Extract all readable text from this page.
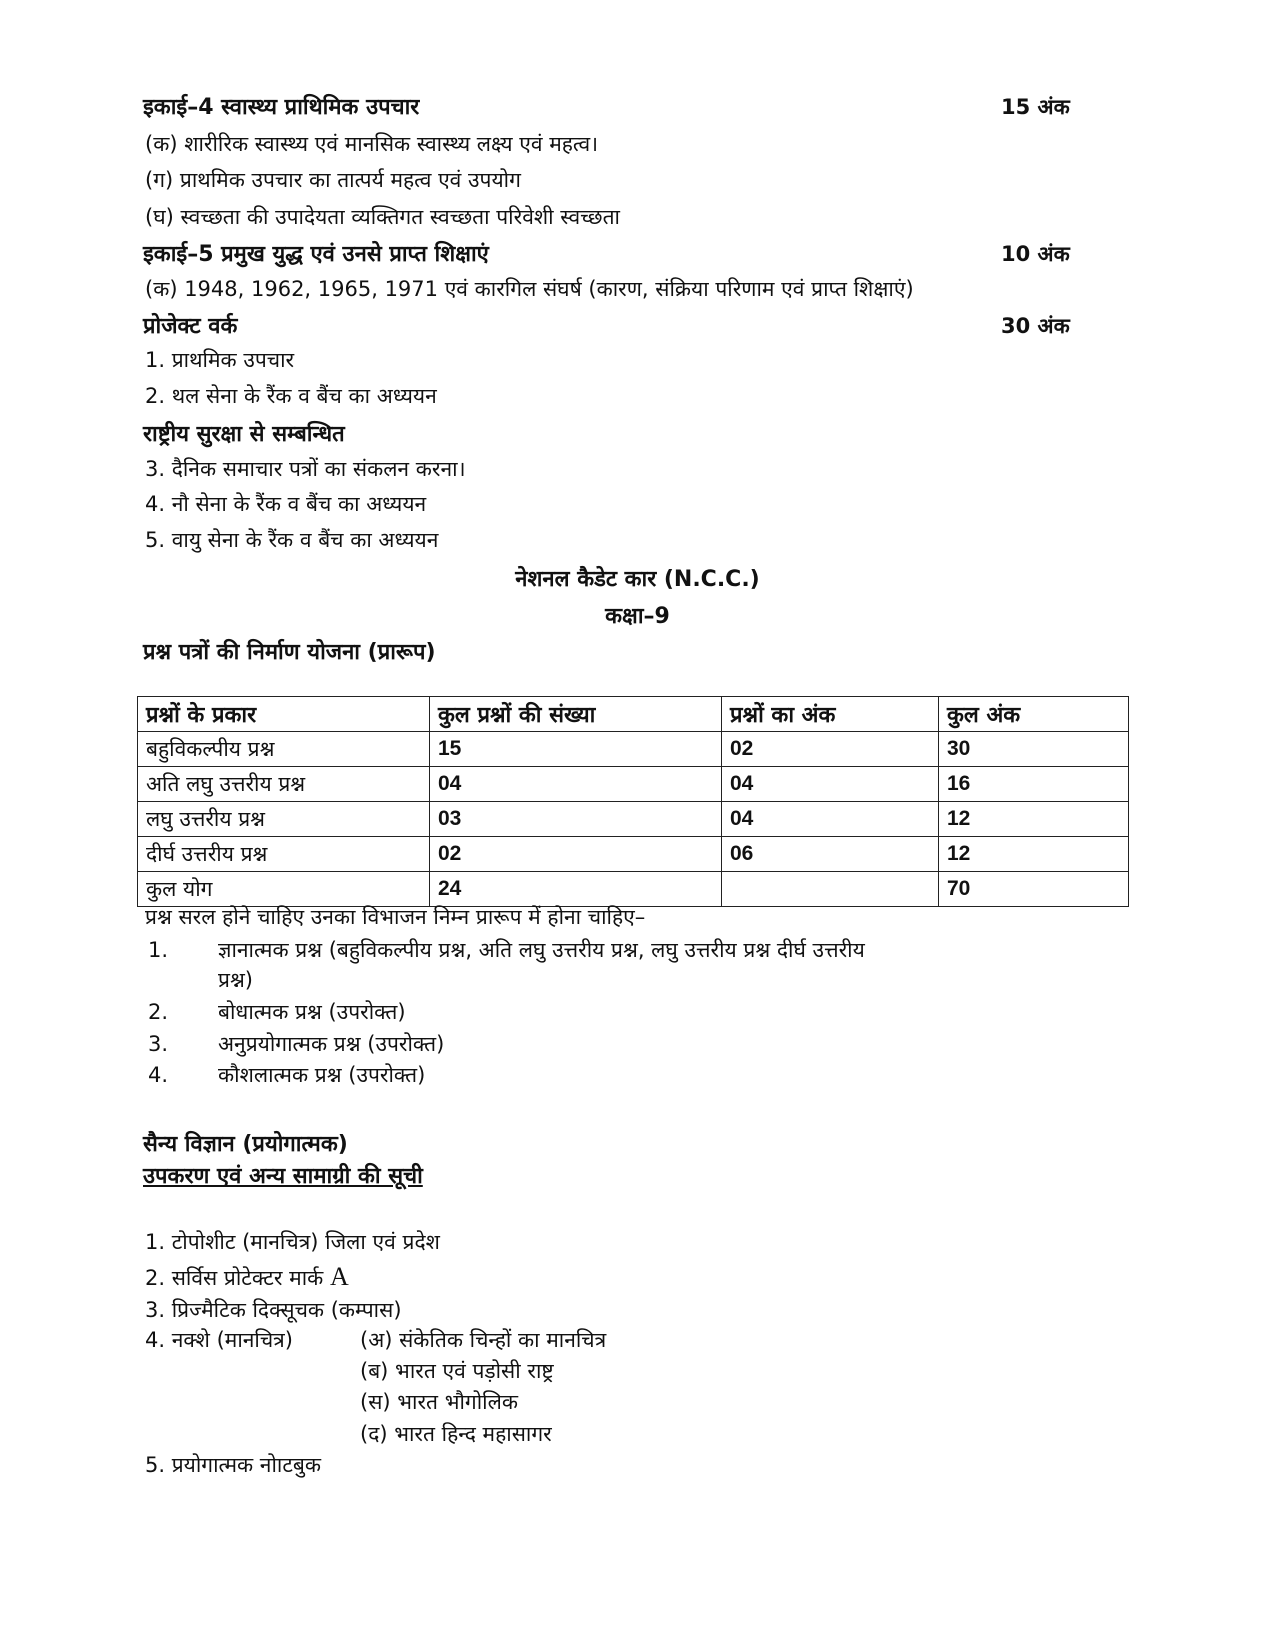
इकाई–4 स्वास्थ्य प्राथिमिक उपचार	15 अंक
(क) शारीरिक स्वास्थ्य एवं मानसिक स्वास्थ्य लक्ष्य एवं महत्व।
(ग) प्राथमिक उपचार का तात्पर्य महत्व एवं उपयोग
(घ) स्वच्छता की उपादेयता व्यक्तिगत स्वच्छता परिवेशी स्वच्छता
इकाई–5 प्रमुख युद्ध एवं उनसे प्राप्त शिक्षाएं	10 अंक
(क) 1948, 1962, 1965, 1971 एवं कारगिल संघर्ष (कारण, संक्रिया परिणाम एवं प्राप्त शिक्षाएं)
प्रोजेक्ट वर्क	30 अंक
1. प्राथमिक उपचार
2. थल सेना के रैंक व बैंच का अध्ययन
राष्ट्रीय सुरक्षा से सम्बन्धित
3. दैनिक समाचार पत्रों का संकलन करना।
4. नौ सेना के रैंक व बैंच का अध्ययन
5. वायु सेना के रैंक व बैंच का अध्ययन
नेशनल कैडेट कार (N.C.C.)
कक्षा–9
प्रश्न पत्रों की निर्माण योजना (प्रारूप)
प्रश्नों के प्रकार	कुल प्रश्नों की संख्या	प्रश्नों का अंक	कुल अंक
बहुविकल्पीय प्रश्न	15	02	30
अति लघु उत्तरीय प्रश्न	04	04	16
लघु उत्तरीय प्रश्न	03	04	12
दीर्घ उत्तरीय प्रश्न	02	06	12
कुल योग	24		70
प्रश्न सरल होने चाहिए उनका विभाजन निम्न प्रारूप में होना चाहिए–
1. ज्ञानात्मक प्रश्न (बहुविकल्पीय प्रश्न, अति लघु उत्तरीय प्रश्न, लघु उत्तरीय प्रश्न दीर्घ उत्तरीय
प्रश्न)
2. बोधात्मक प्रश्न (उपरोक्त)
3. अनुप्रयोगात्मक प्रश्न (उपरोक्त)
4. कौशलात्मक प्रश्न (उपरोक्त)
सैन्य विज्ञान (प्रयोगात्मक)
उपकरण एवं अन्य सामाग्री की सूची
1. टोपोशीट (मानचित्र) जिला एवं प्रदेश
2. सर्विस प्रोटेक्टर मार्क A
3. प्रिज्मैटिक दिक्सूचक (कम्पास)
4. नक्शे (मानचित्र)	(अ) संकेतिक चिन्हों का मानचित्र
(ब) भारत एवं पड़ोसी राष्ट्र
(स) भारत भौगोलिक
(द) भारत हिन्द महासागर
5. प्रयोगात्मक नोाटबुक
